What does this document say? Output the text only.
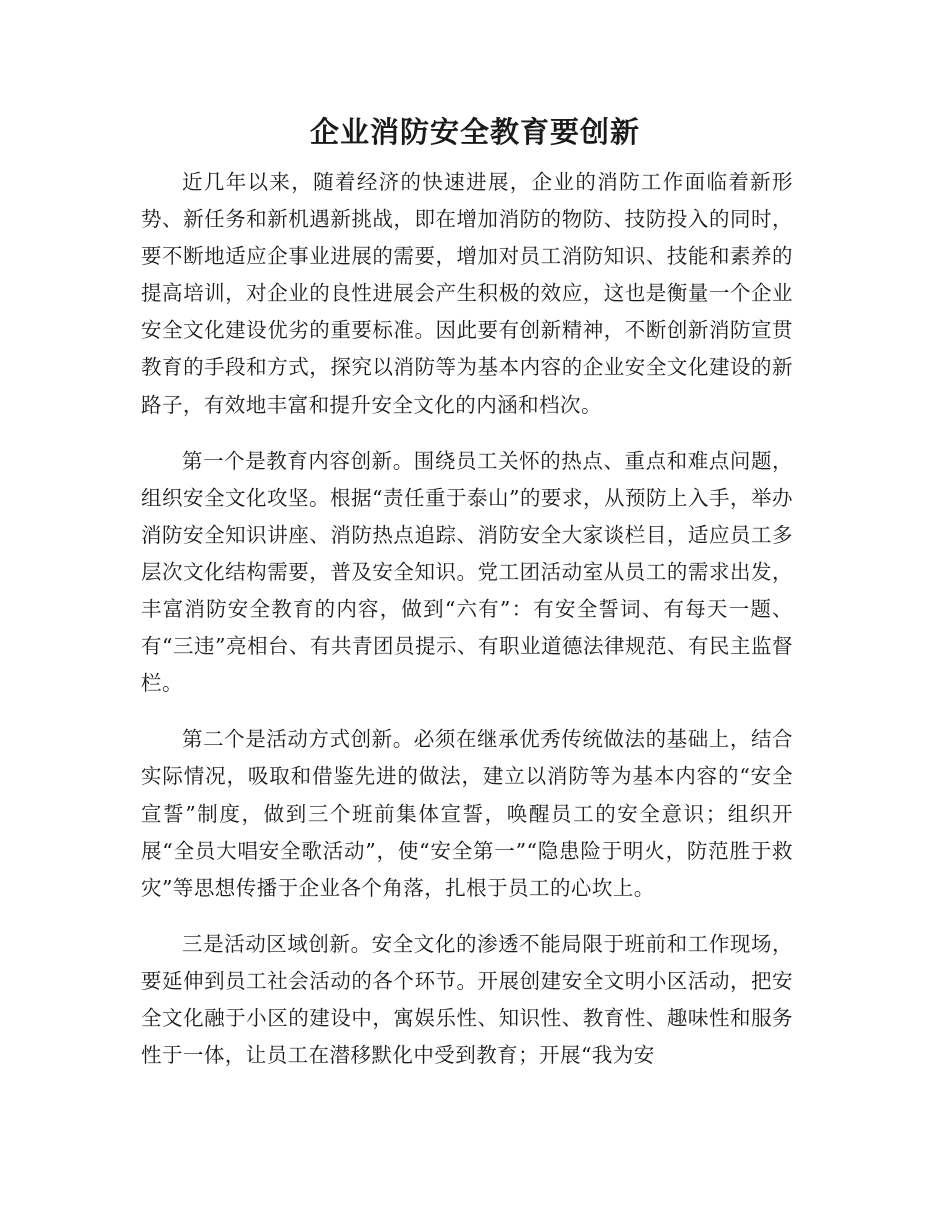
企业消防安全教育要创新

近几年以来，随着经济的快速进展，企业的消防工作面临着新形势、新任务和新机遇新挑战，即在增加消防的物防、技防投入的同时，要不断地适应企事业进展的需要，增加对员工消防知识、技能和素养的提高培训，对企业的良性进展会产生积极的效应，这也是衡量一个企业安全文化建设优劣的重要标准。因此要有创新精神，不断创新消防宣贯教育的手段和方式，探究以消防等为基本内容的企业安全文化建设的新路子，有效地丰富和提升安全文化的内涵和档次。

第一个是教育内容创新。围绕员工关怀的热点、重点和难点问题，组织安全文化攻坚。根据“责任重于泰山”的要求，从预防上入手，举办消防安全知识讲座、消防热点追踪、消防安全大家谈栏目，适应员工多层次文化结构需要，普及安全知识。党工团活动室从员工的需求出发，丰富消防安全教育的内容，做到“六有”：有安全誓词、有每天一题、有“三违”亮相台、有共青团员提示、有职业道德法律规范、有民主监督栏。

第二个是活动方式创新。必须在继承优秀传统做法的基础上，结合实际情况，吸取和借鉴先进的做法，建立以消防等为基本内容的“安全宣誓”制度，做到三个班前集体宣誓，唤醒员工的安全意识；组织开展“全员大唱安全歌活动”，使“安全第一”“隐患险于明火，防范胜于救灾”等思想传播于企业各个角落，扎根于员工的心坎上。

三是活动区域创新。安全文化的渗透不能局限于班前和工作现场，要延伸到员工社会活动的各个环节。开展创建安全文明小区活动，把安全文化融于小区的建设中，寓娱乐性、知识性、教育性、趣味性和服务性于一体，让员工在潜移默化中受到教育；开展“我为安
